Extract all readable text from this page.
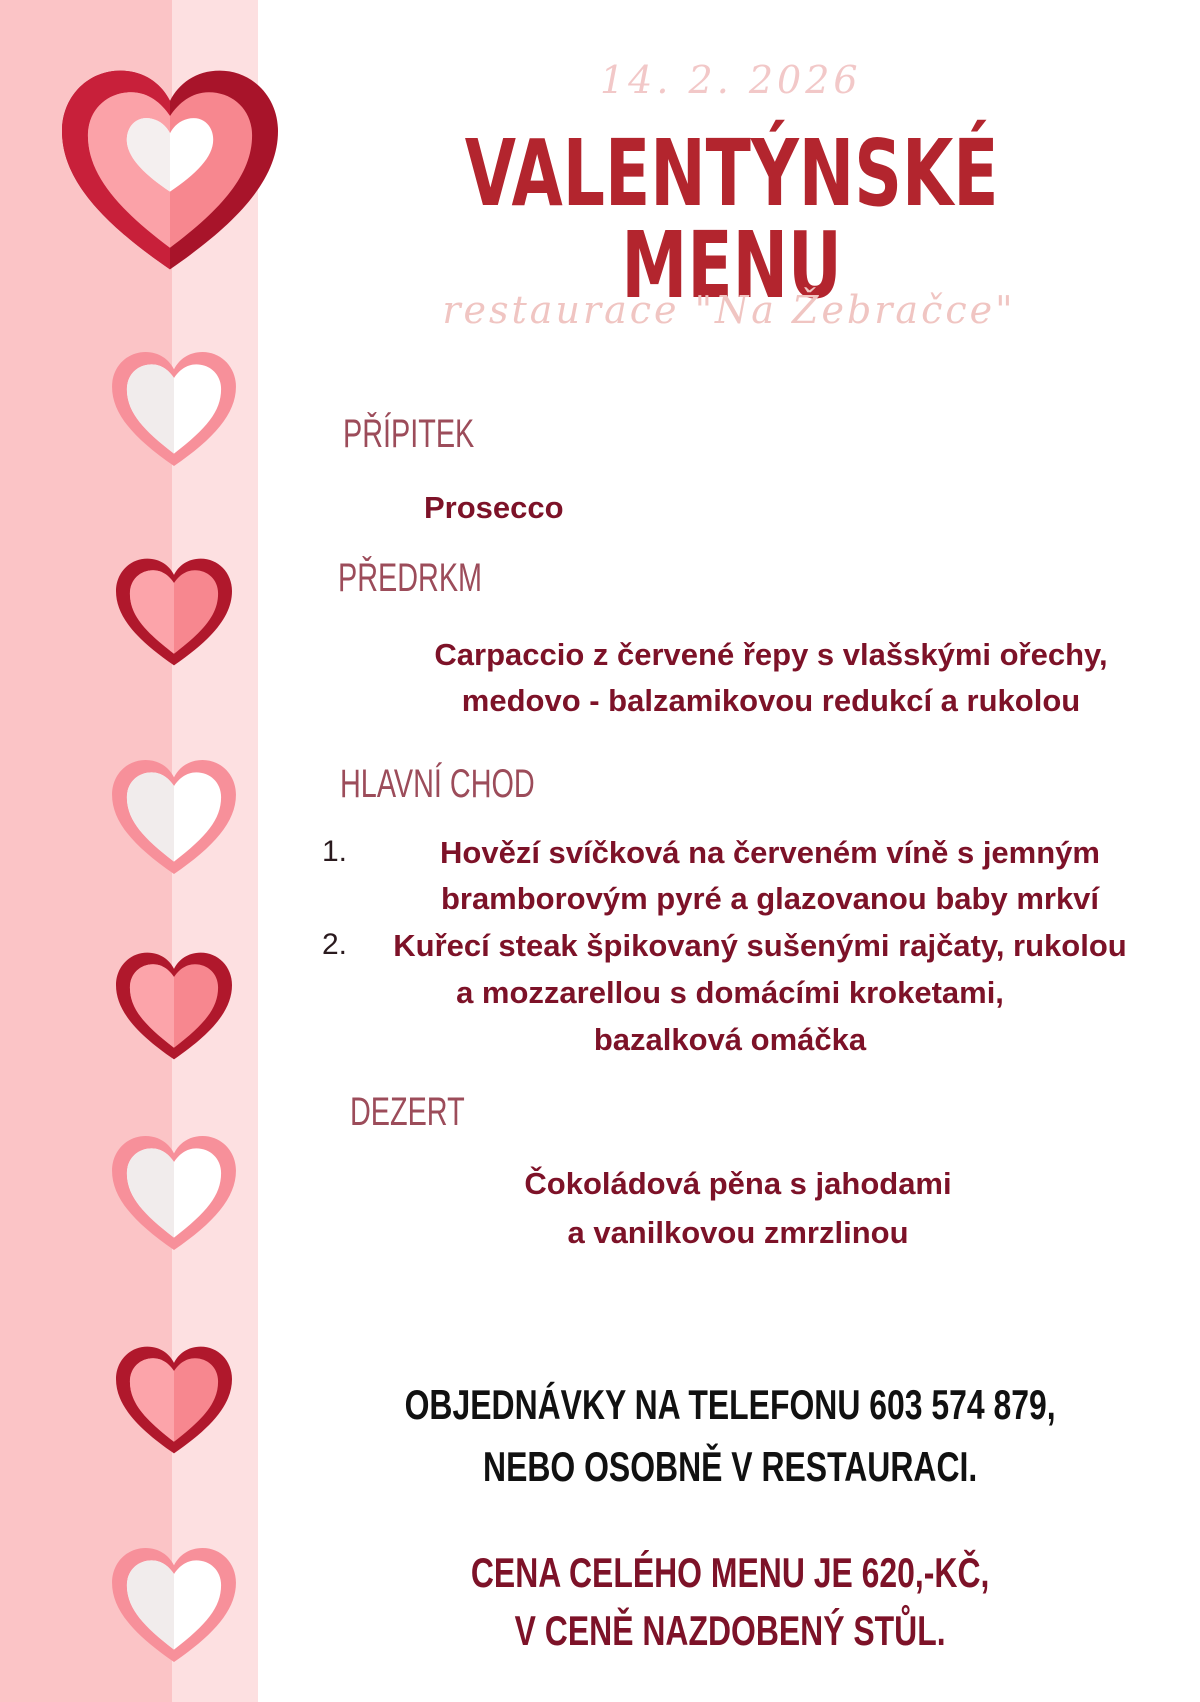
14. 2. 2026
VALENTÝNSKÉ MENU
restaurace "Na Žebračce"
PŘÍPITEK
Prosecco
PŘEDRKM
Carpaccio z červené řepy s vlašskými ořechy,
medovo - balzamikovou redukcí a rukolou
HLAVNÍ CHOD
1.	Hovězí svíčková na červeném víně s jemným
bramborovým pyré a glazovanou baby mrkví
2.	Kuřecí steak špikovaný sušenými rajčaty, rukolou
a mozzarellou s domácími kroketami,
bazalková omáčka
DEZERT
Čokoládová pěna s jahodami
a vanilkovou zmrzlinou
OBJEDNÁVKY NA TELEFONU 603 574 879,
NEBO OSOBNĚ V RESTAURACI.
CENA CELÉHO MENU JE 620,-KČ,
V CENĚ NAZDOBENÝ STŮL.
